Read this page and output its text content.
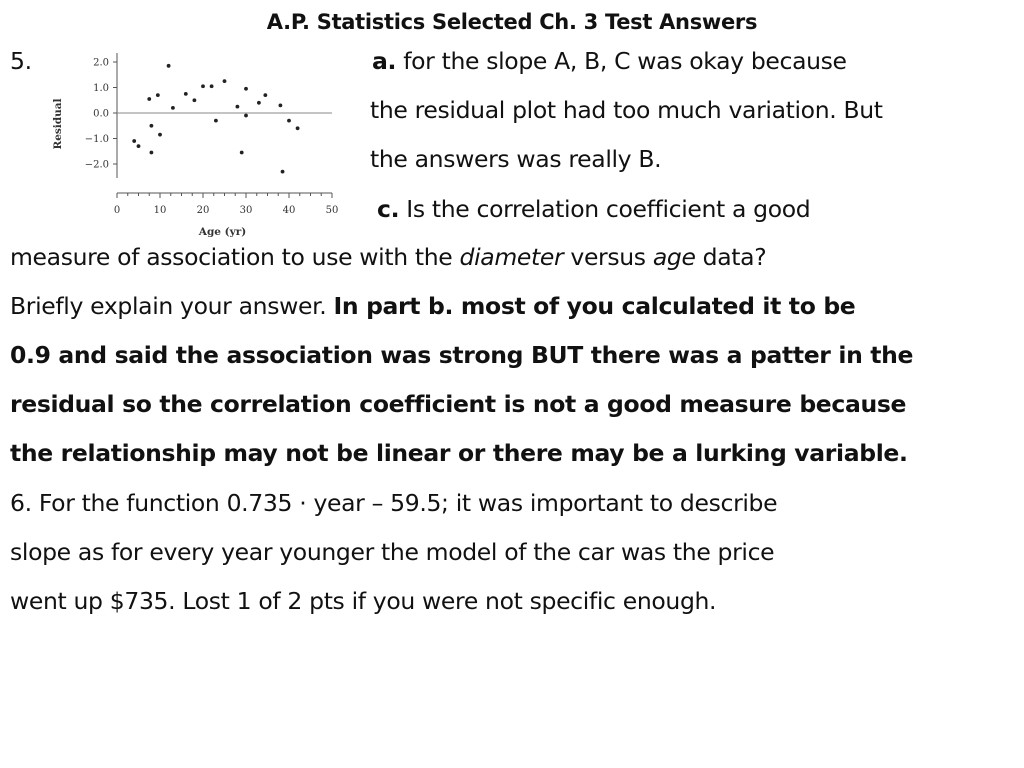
A.P. Statistics Selected Ch. 3 Test Answers
2.0
1.0
0.0
−1.0
−2.0
0	10	20	30	40	50
Age (yr)
Residual
5.	a. for the slope A, B, C was okay because
the residual plot had too much variation. But
the answers was really B.
c. Is the correlation coefficient a good
measure of association to use with the diameter versus age data?
Briefly explain your answer. In part b. most of you calculated it to be
0.9 and said the association was strong BUT there was a patter in the
residual so the correlation coefficient is not a good measure because
the relationship may not be linear or there may be a lurking variable.
6. For the function 0.735 · year – 59.5; it was important to describe
slope as for every year younger the model of the car was the price
went up $735. Lost 1 of 2 pts if you were not specific enough.
